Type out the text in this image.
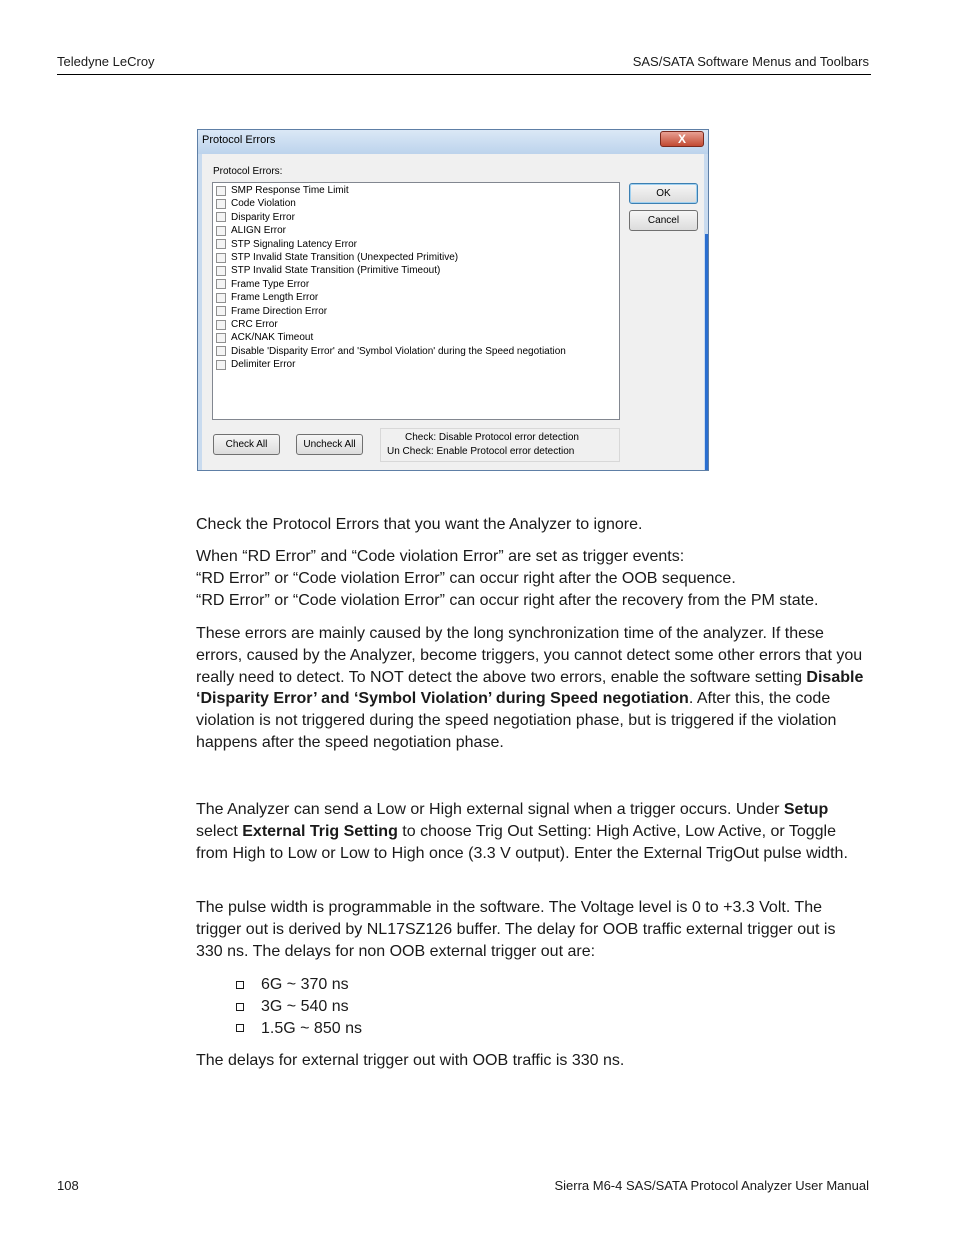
Teledyne LeCroy	SAS/SATA Software Menus and Toolbars
Protocol Errors	X
Protocol Errors:
SMP Response Time Limit
Code Violation
Disparity Error
ALIGN Error
STP Signaling Latency Error
STP Invalid State Transition (Unexpected Primitive)
STP Invalid State Transition (Primitive Timeout)
Frame Type Error
Frame Length Error
Frame Direction Error
CRC Error
ACK/NAK Timeout
Disable 'Disparity Error' and 'Symbol Violation' during the Speed negotiation
Delimiter Error
OK
Cancel
Check All	Uncheck All
Check: Disable Protocol error detection
Un Check: Enable Protocol error detection

Check the Protocol Errors that you want the Analyzer to ignore.

When “RD Error” and “Code violation Error” are set as trigger events:
“RD Error” or “Code violation Error” can occur right after the OOB sequence.
“RD Error” or “Code violation Error” can occur right after the recovery from the PM state.

These errors are mainly caused by the long synchronization time of the analyzer. If these errors, caused by the Analyzer, become triggers, you cannot detect some other errors that you really need to detect. To NOT detect the above two errors, enable the software setting Disable ‘Disparity Error’ and ‘Symbol Violation’ during Speed negotiation. After this, the code violation is not triggered during the speed negotiation phase, but is triggered if the violation happens after the speed negotiation phase.

The Analyzer can send a Low or High external signal when a trigger occurs. Under Setup select External Trig Setting to choose Trig Out Setting: High Active, Low Active, or Toggle from High to Low or Low to High once (3.3 V output). Enter the External TrigOut pulse width.

The pulse width is programmable in the software. The Voltage level is 0 to +3.3 Volt. The trigger out is derived by NL17SZ126 buffer. The delay for OOB traffic external trigger out is 330 ns. The delays for non OOB external trigger out are:

6G ~ 370 ns
3G ~ 540 ns
1.5G ~ 850 ns

The delays for external trigger out with OOB traffic is 330 ns.

108	Sierra M6-4 SAS/SATA Protocol Analyzer User Manual
